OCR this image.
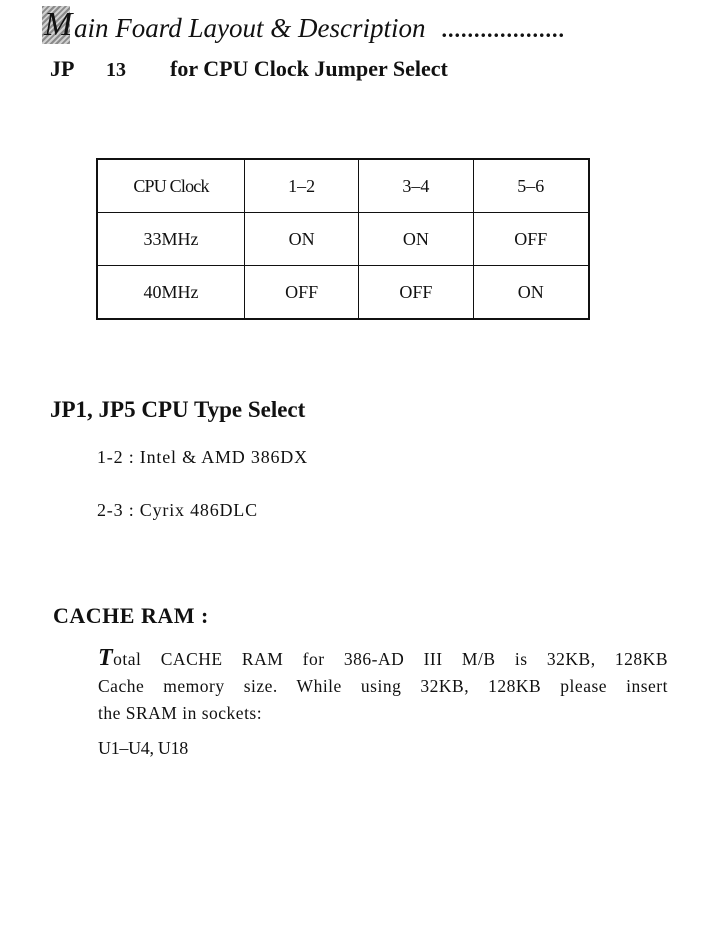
M ain Foard Layout & Description ...................
JP 13 for CPU Clock Jumper Select
CPU Clock	1–2	3–4	5–6
33MHz	ON	ON	OFF
40MHz	OFF	OFF	ON
JP1, JP5 CPU Type Select
1-2 : Intel & AMD 386DX
2-3 : Cyrix 486DLC
CACHE RAM :
Total CACHE RAM for 386-AD III M/B is 32KB, 128KB
Cache memory size. While using 32KB, 128KB please insert
the SRAM in sockets:
U1–U4, U18
